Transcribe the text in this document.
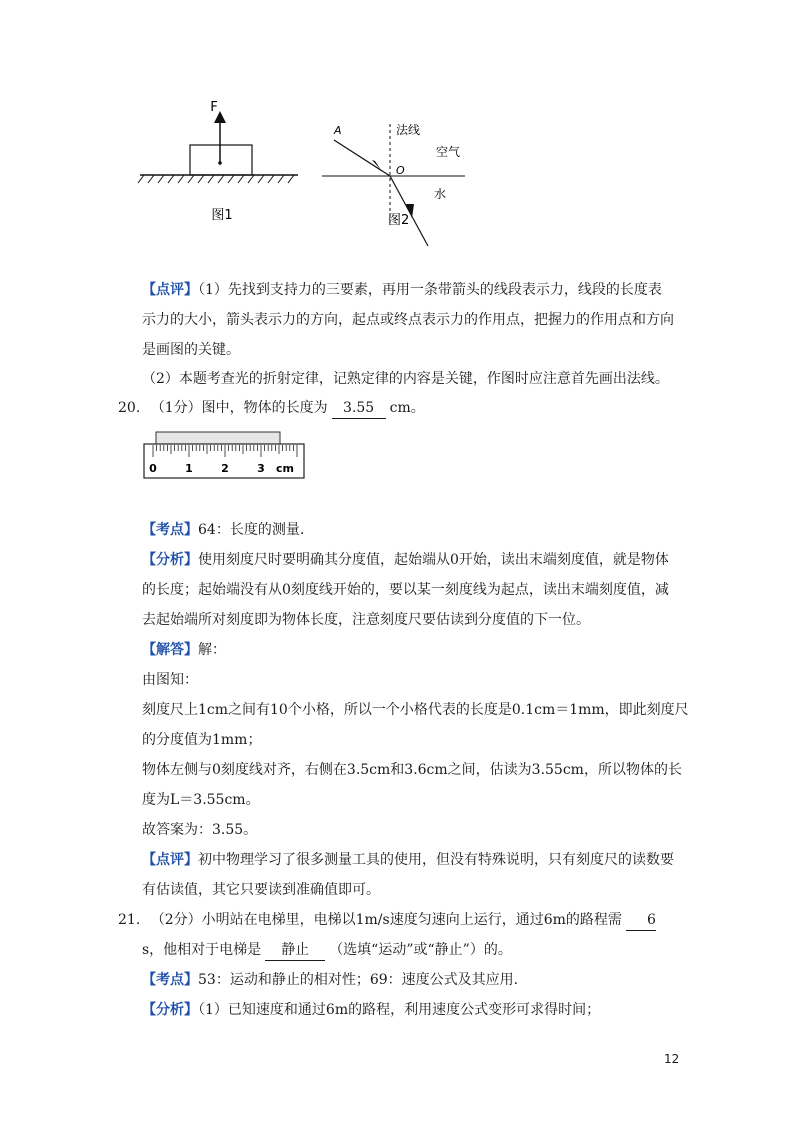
F
图1
A	法线
空气
O
水
图2
【点评】（1）先找到支持力的三要素，再用一条带箭头的线段表示力，线段的长度表
示力的大小，箭头表示力的方向，起点或终点表示力的作用点，把握力的作用点和方向
是画图的关键。
（2）本题考查光的折射定律，记熟定律的内容是关键，作图时应注意首先画出法线。
20. （1分）图中，物体的长度为 3.55 cm。
0	1	2	3 cm
【考点】64：长度的测量.
【分析】使用刻度尺时要明确其分度值，起始端从0开始，读出末端刻度值，就是物体
的长度；起始端没有从0刻度线开始的，要以某一刻度线为起点，读出末端刻度值，减
去起始端所对刻度即为物体长度，注意刻度尺要估读到分度值的下一位。
【解答】解：
由图知：
刻度尺上1cm之间有10个小格，所以一个小格代表的长度是0.1cm＝1mm，即此刻度尺
的分度值为1mm；
物体左侧与0刻度线对齐，右侧在3.5cm和3.6cm之间，估读为3.55cm，所以物体的长
度为L＝3.55cm。
故答案为：3.55。
【点评】初中物理学习了很多测量工具的使用，但没有特殊说明，只有刻度尺的读数要
有估读值，其它只要读到准确值即可。
21. （2分）小明站在电梯里，电梯以1m/s速度匀速向上运行，通过6m的路程需 6
s，他相对于电梯是 静止 （选填“运动”或“静止”）的。
【考点】53：运动和静止的相对性；69：速度公式及其应用.
【分析】（1）已知速度和通过6m的路程，利用速度公式变形可求得时间；
12
